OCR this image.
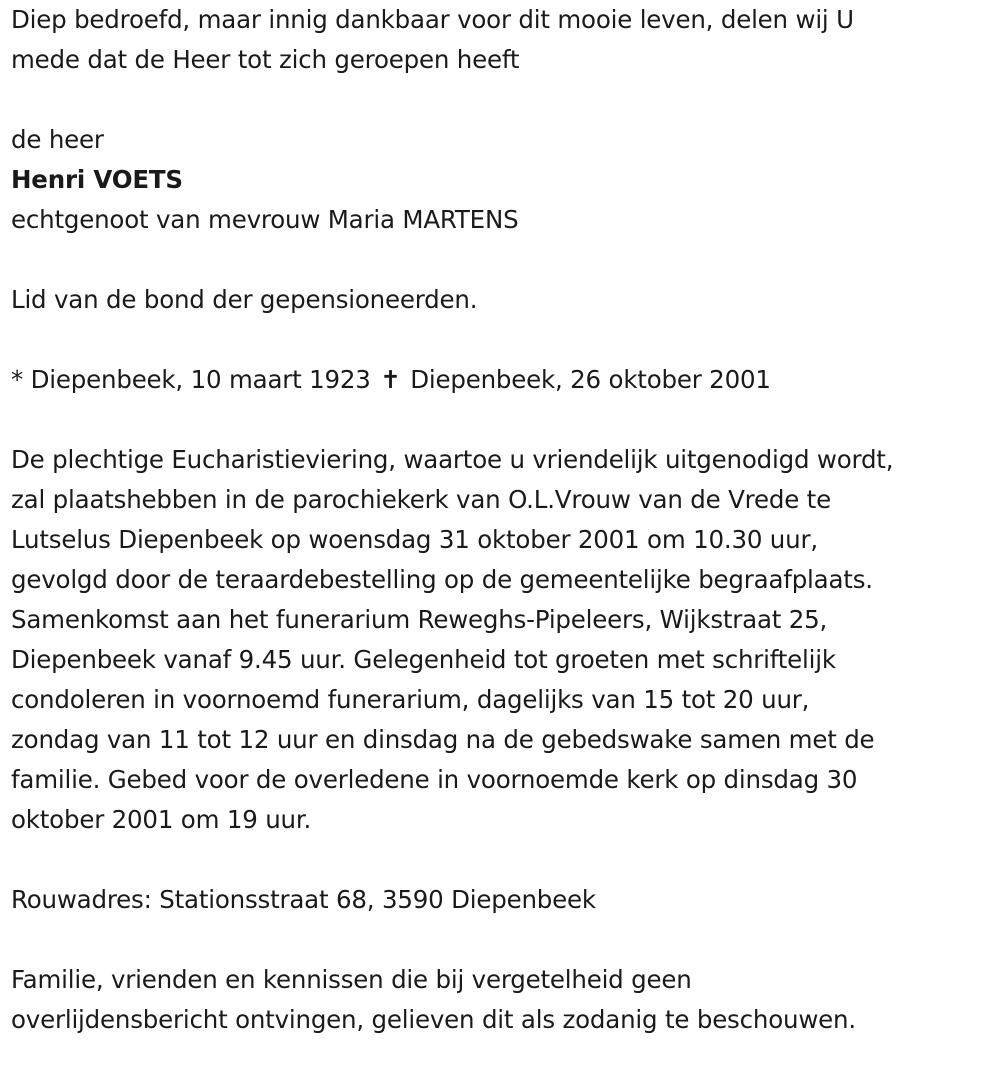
Diep bedroefd, maar innig dankbaar voor dit mooie leven, delen wij U
mede dat de Heer tot zich geroepen heeft

de heer

Henri VOETS

echtgenoot van mevrouw Maria MARTENS

Lid van de bond der gepensioneerden.

* Diepenbeek, 10 maart 1923 ✝ Diepenbeek, 26 oktober 2001

De plechtige Eucharistieviering, waartoe u vriendelijk uitgenodigd wordt,
zal plaatshebben in de parochiekerk van O.L.Vrouw van de Vrede te
Lutselus Diepenbeek op woensdag 31 oktober 2001 om 10.30 uur,
gevolgd door de teraardebestelling op de gemeentelijke begraafplaats.
Samenkomst aan het funerarium Reweghs-Pipeleers, Wijkstraat 25,
Diepenbeek vanaf 9.45 uur. Gelegenheid tot groeten met schriftelijk
condoleren in voornoemd funerarium, dagelijks van 15 tot 20 uur,
zondag van 11 tot 12 uur en dinsdag na de gebedswake samen met de
familie. Gebed voor de overledene in voornoemde kerk op dinsdag 30
oktober 2001 om 19 uur.

Rouwadres: Stationsstraat 68, 3590 Diepenbeek

Familie, vrienden en kennissen die bij vergetelheid geen
overlijdensbericht ontvingen, gelieven dit als zodanig te beschouwen.
